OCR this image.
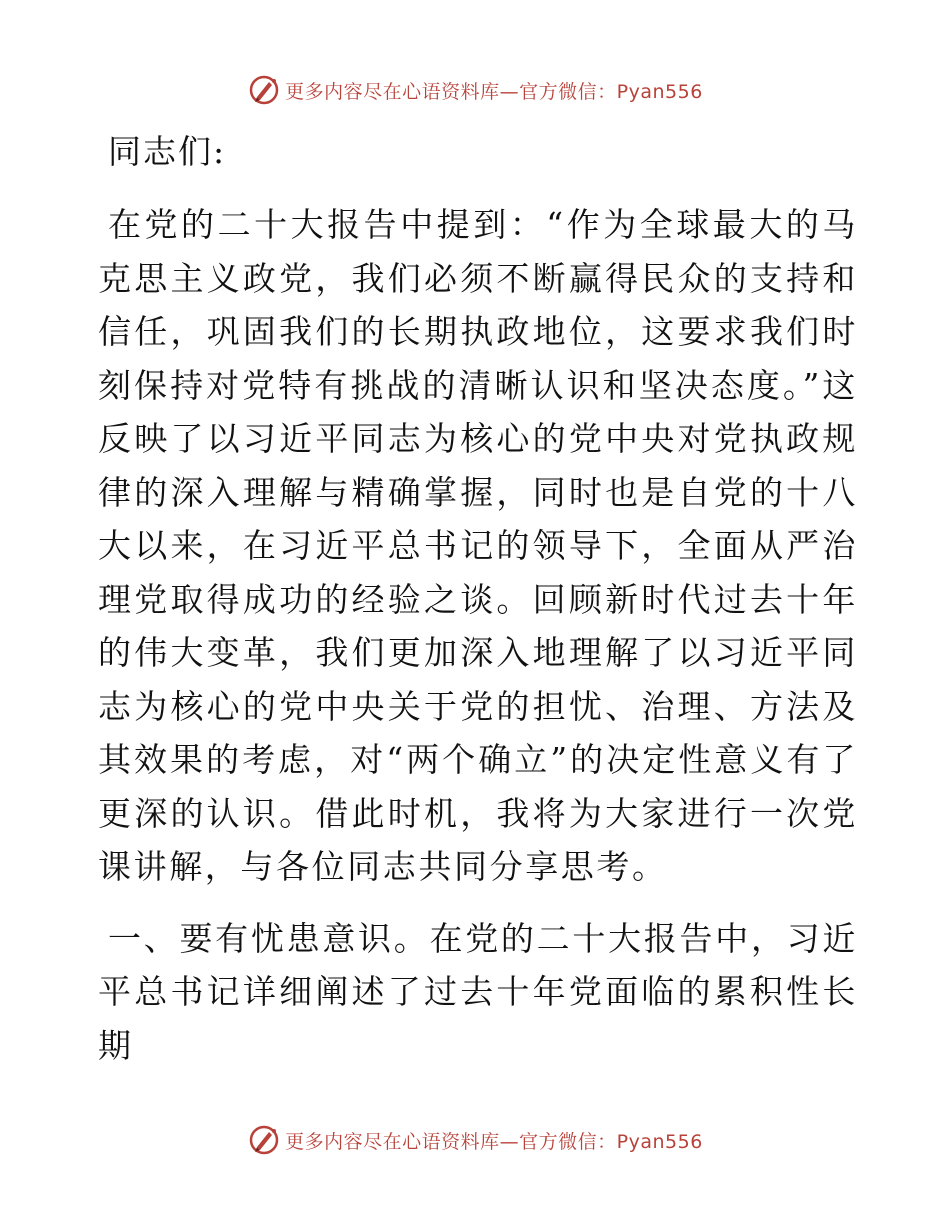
更多内容尽在心语资料库—官方微信：Pyan556
同志们:

在党的二十大报告中提到：“作为全球最大的马克思主义政党，我们必须不断赢得民众的支持和信任，巩固我们的长期执政地位，这要求我们时刻保持对党特有挑战的清晰认识和坚决态度。”这反映了以习近平同志为核心的党中央对党执政规律的深入理解与精确掌握，同时也是自党的十八大以来，在习近平总书记的领导下，全面从严治理党取得成功的经验之谈。回顾新时代过去十年的伟大变革，我们更加深入地理解了以习近平同志为核心的党中央关于党的担忧、治理、方法及其效果的考虑，对“两个确立”的决定性意义有了更深的认识。借此时机，我将为大家进行一次党课讲解，与各位同志共同分享思考。

一、要有忧患意识。在党的二十大报告中，习近平总书记详细阐述了过去十年党面临的累积性长期

更多内容尽在心语资料库—官方微信：Pyan556
